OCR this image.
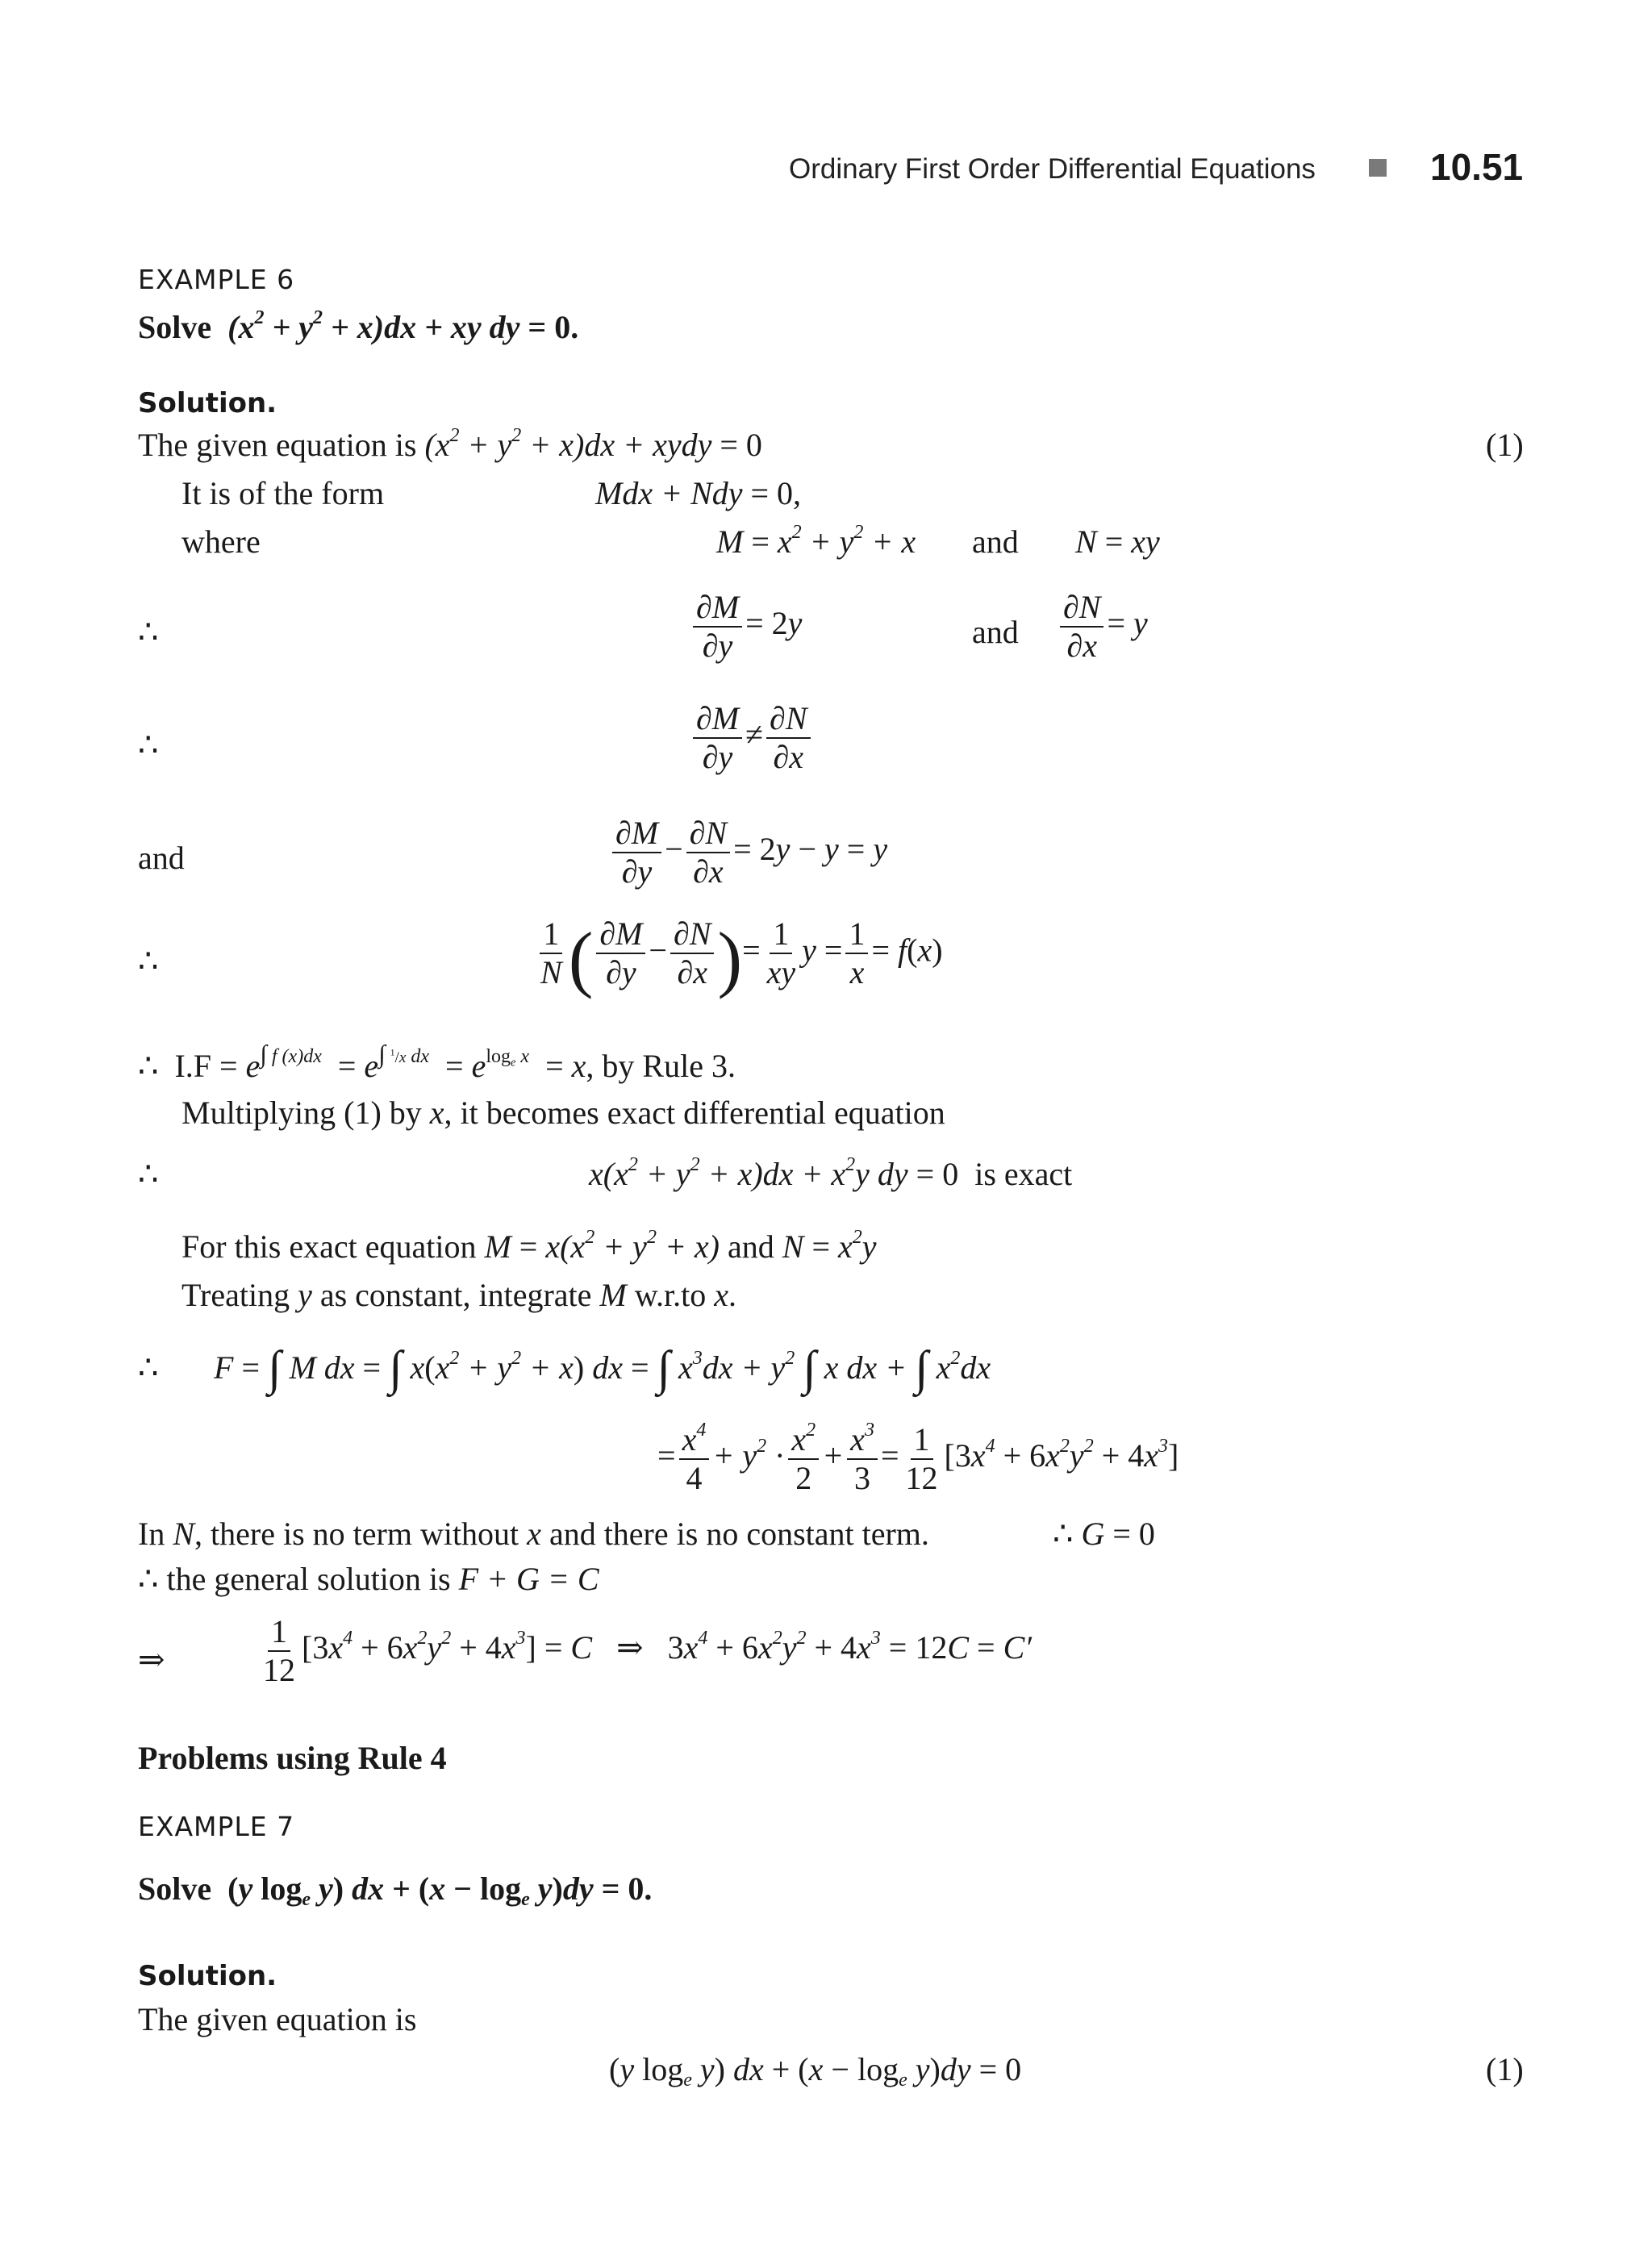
Ordinary First Order Differential Equations	10.51
EXAMPLE 6
Solve  $(x^2 + y^2 + x)dx$ + xy dy = 0.
Solution.
The given equation is $(x^2 + y^2 + x)dx$ + xydy = 0	(1)
It is of the form	Mdx + Ndy = 0,
where	$M = x^2 + y^2 + x$ and N = xy
∴	$\frac{\partial M}{\partial y} = 2y$	and $\frac{\partial N}{\partial x} = y$
∴	$\frac{\partial M}{\partial y} \ne \frac{\partial N}{\partial x}$
and	$\frac{\partial M}{\partial y} - \frac{\partial N}{\partial x} = 2y - y = y$
∴	$\frac{1}{N}$ ( $\frac{\partial M}{\partial y} - \frac{\partial N}{\partial x}$ )= $\frac{1}{xy}$ $y = \frac{1}{x} = f(x)$
∴  $I.F = e^{\int f (x)dx} = e^{\int ^1/x dx} = e^{log_e x} = x$, by Rule 3.
Multiplying (1) by x, it becomes exact differential equation
∴	$x(x^2 + y^2 + x)dx + x^2y$ dy = 0  is exact
For this exact equation $M = x(x^2 + y^2 + x)$ and $N = x^2y$
Treating y as constant, integrate M w.r.to x.
∴ F = ∫ M dx = ∫ $x(x^2 + y^2 + x)$ dx = ∫ $x^3dx + y^2$ ∫ x dx + ∫ $x^2dx$
= $\frac{x^4}{4} + y^2 \cdot \frac{x^2}{2} + \frac{x^3}{3} = \frac{1}{12} [3x^4 + 6x^2y^2 + 4x^3]$
In N, there is no term without x and there is no constant term.	∴ G = 0
∴ the general solution is F + G = C
⇒	$\frac{1}{12} [3x^4 + 6x^2y^2 + 4x^3] = C$   ⇒ $3x^4 + 6x^2y^2 + 4x^3 = 12C = C'$
Problems using Rule 4
EXAMPLE 7
Solve  (y $\log_e y$) dx + $(x - \log_e y)dy = 0$.
Solution.
The given equation is
(y $\log_e y$) dx + $(x - \log_e y)dy = 0$	(1)
